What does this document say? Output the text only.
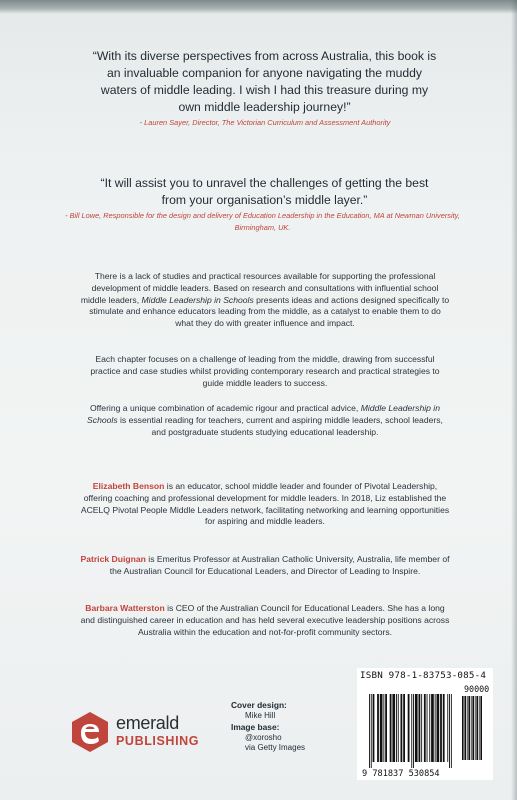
“With its diverse perspectives from across Australia, this book is an invaluable companion for anyone navigating the muddy waters of middle leading. I wish I had this treasure during my own middle leadership journey!”
- Lauren Sayer, Director, The Victorian Curriculum and Assessment Authority
“It will assist you to unravel the challenges of getting the best from your organisation’s middle layer.”
- Bill Lowe, Responsible for the design and delivery of Education Leadership in the Education, MA at Newman University, Birmingham, UK.
There is a lack of studies and practical resources available for supporting the professional development of middle leaders. Based on research and consultations with influential school middle leaders, Middle Leadership in Schools presents ideas and actions designed specifically to stimulate and enhance educators leading from the middle, as a catalyst to enable them to do what they do with greater influence and impact.
Each chapter focuses on a challenge of leading from the middle, drawing from successful practice and case studies whilst providing contemporary research and practical strategies to guide middle leaders to success.
Offering a unique combination of academic rigour and practical advice, Middle Leadership in Schools is essential reading for teachers, current and aspiring middle leaders, school leaders, and postgraduate students studying educational leadership.
Elizabeth Benson is an educator, school middle leader and founder of Pivotal Leadership, offering coaching and professional development for middle leaders. In 2018, Liz established the ACELQ Pivotal People Middle Leaders network, facilitating networking and learning opportunities for aspiring and middle leaders.
Patrick Duignan is Emeritus Professor at Australian Catholic University, Australia, life member of the Australian Council for Educational Leaders, and Director of Leading to Inspire.
Barbara Watterston is CEO of the Australian Council for Educational Leaders. She has a long and distinguished career in education and has held several executive leadership positions across Australia within the education and not-for-profit community sectors.
emerald
PUBLISHING
Cover design:
Mike Hill
Image base:
@xorosho
via Getty Images
ISBN 978-1-83753-085-4
9 781837 530854
90000
